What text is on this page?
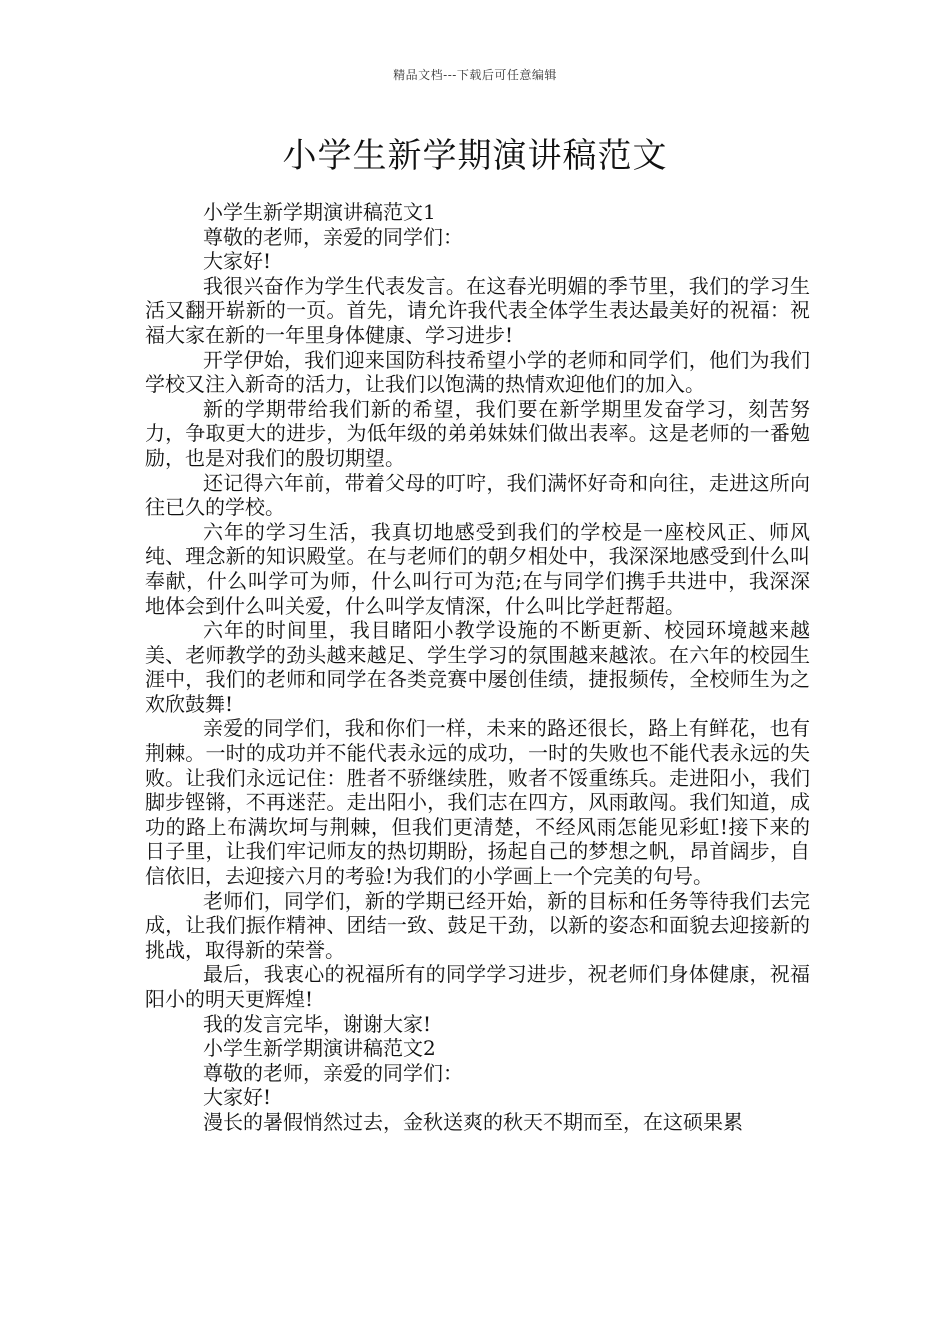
精品文档---下载后可任意编辑
小学生新学期演讲稿范文

小学生新学期演讲稿范文1

尊敬的老师，亲爱的同学们：

大家好!

我很兴奋作为学生代表发言。在这春光明媚的季节里，我们的学习生活又翻开崭新的一页。首先，请允许我代表全体学生表达最美好的祝福：祝福大家在新的一年里身体健康、学习进步!

开学伊始，我们迎来国防科技希望小学的老师和同学们，他们为我们学校又注入新奇的活力，让我们以饱满的热情欢迎他们的加入。

新的学期带给我们新的希望，我们要在新学期里发奋学习，刻苦努力，争取更大的进步，为低年级的弟弟妹妹们做出表率。这是老师的一番勉励，也是对我们的殷切期望。

还记得六年前，带着父母的叮咛，我们满怀好奇和向往，走进这所向往已久的学校。

六年的学习生活，我真切地感受到我们的学校是一座校风正、师风纯、理念新的知识殿堂。在与老师们的朝夕相处中，我深深地感受到什么叫奉献，什么叫学可为师，什么叫行可为范;在与同学们携手共进中，我深深地体会到什么叫关爱，什么叫学友情深，什么叫比学赶帮超。

六年的时间里，我目睹阳小教学设施的不断更新、校园环境越来越美、老师教学的劲头越来越足、学生学习的氛围越来越浓。在六年的校园生涯中，我们的老师和同学在各类竞赛中屡创佳绩，捷报频传，全校师生为之欢欣鼓舞!

亲爱的同学们，我和你们一样，未来的路还很长，路上有鲜花，也有荆棘。一时的成功并不能代表永远的成功，一时的失败也不能代表永远的失败。让我们永远记住：胜者不骄继续胜，败者不馁重练兵。走进阳小，我们脚步铿锵，不再迷茫。走出阳小，我们志在四方，风雨敢闯。我们知道，成功的路上布满坎坷与荆棘，但我们更清楚，不经风雨怎能见彩虹!接下来的日子里，让我们牢记师友的热切期盼，扬起自己的梦想之帆，昂首阔步，自信依旧，去迎接六月的考验!为我们的小学画上一个完美的句号。

老师们，同学们，新的学期已经开始，新的目标和任务等待我们去完成，让我们振作精神、团结一致、鼓足干劲，以新的姿态和面貌去迎接新的挑战，取得新的荣誉。

最后，我衷心的祝福所有的同学学习进步，祝老师们身体健康，祝福阳小的明天更辉煌!

我的发言完毕，谢谢大家!

小学生新学期演讲稿范文2

尊敬的老师，亲爱的同学们：

大家好!

漫长的暑假悄然过去，金秋送爽的秋天不期而至，在这硕果累
